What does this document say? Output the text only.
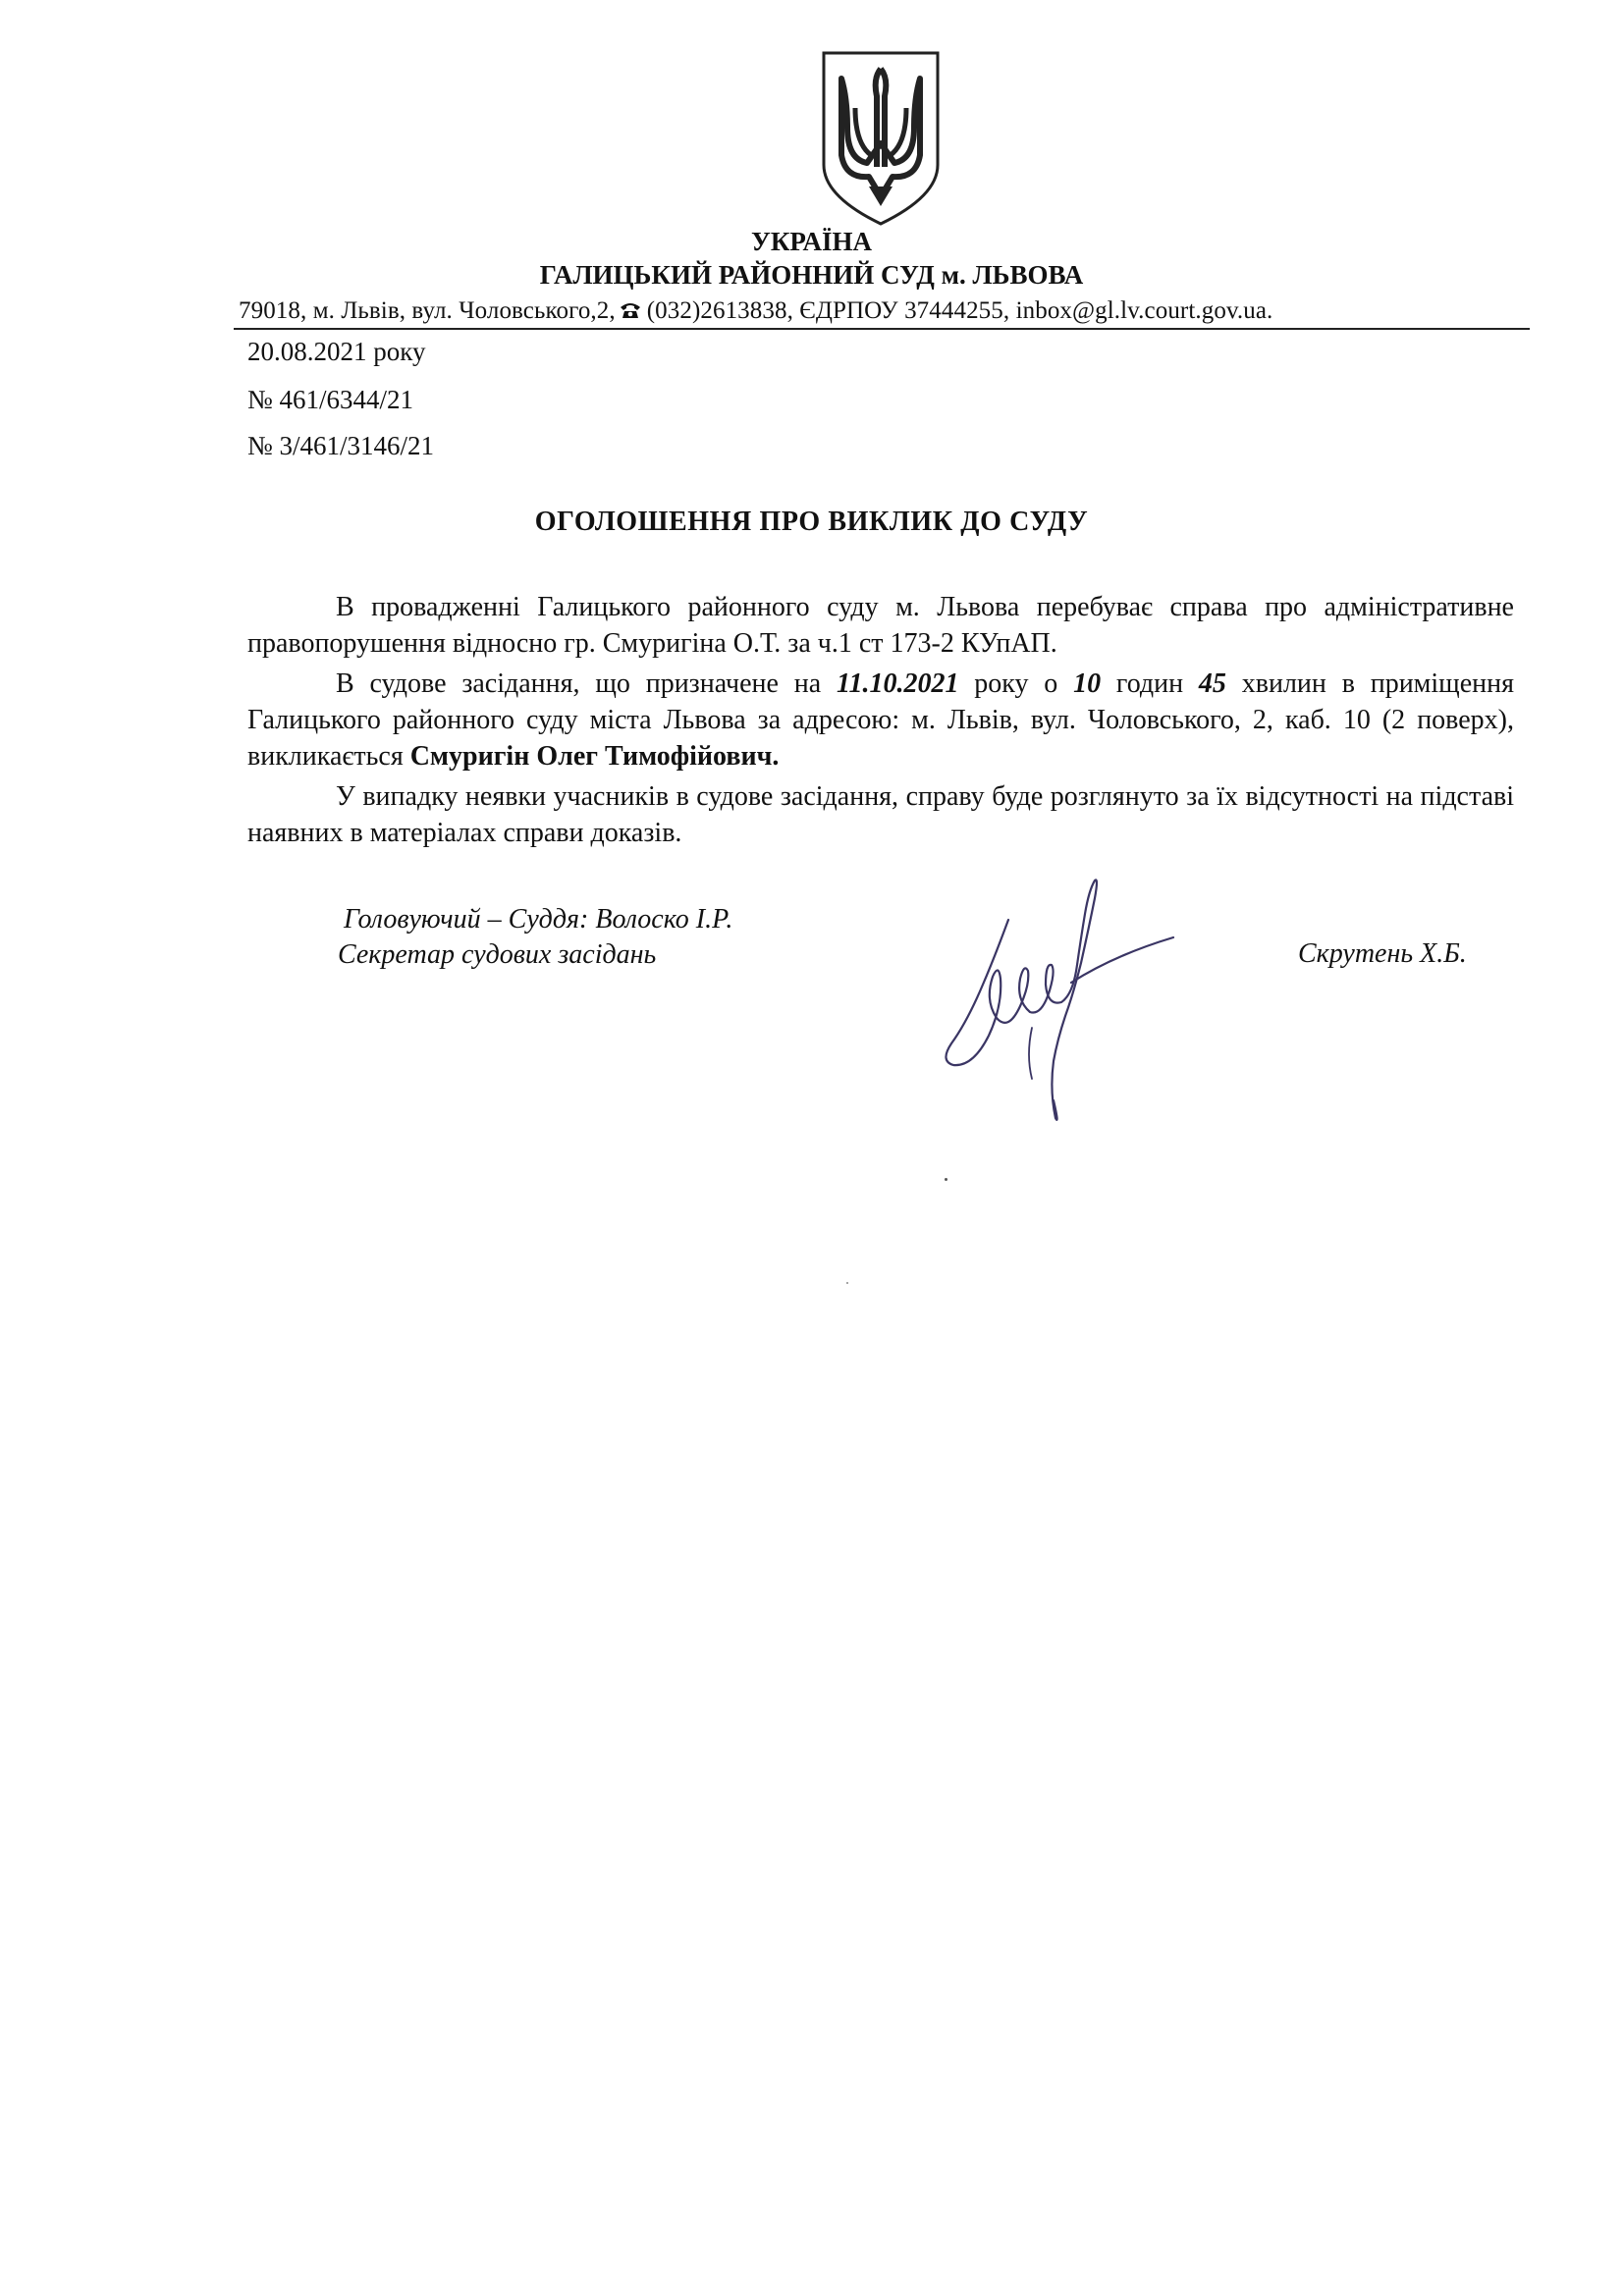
УКРАЇНА
ГАЛИЦЬКИЙ РАЙОННИЙ СУД м. ЛЬВОВА
79018, м. Львів, вул. Чоловського,2, (032)2613838, ЄДРПОУ 37444255, inbox@gl.lv.court.gov.ua.
20.08.2021 року
№ 461/6344/21
№ 3/461/3146/21
ОГОЛОШЕННЯ ПРО ВИКЛИК ДО СУДУ

В провадженні Галицького районного суду м. Львова перебуває справа про адміністративне правопорушення відносно гр. Смуригіна О.Т. за ч.1 ст 173-2 КУпАП.

В судове засідання, що призначене на 11.10.2021 року о 10 годин 45 хвилин в приміщення Галицького районного суду міста Львова за адресою: м. Львів, вул. Чоловського, 2, каб. 10 (2 поверх), викликається Смуригін Олег Тимофійович.

У випадку неявки учасників в судове засідання, справу буде розглянуто за їх відсутності на підставі наявних в матеріалах справи доказів.

Головуючий – Суддя: Волоско І.Р.
Секретар судових засідань	Скрутень Х.Б.
